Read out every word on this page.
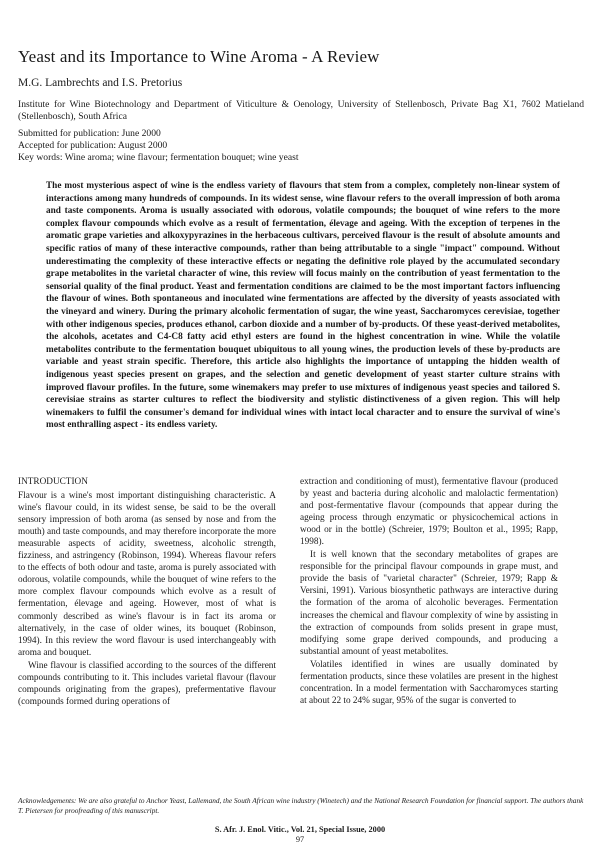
Yeast and its Importance to Wine Aroma - A Review
M.G. Lambrechts and I.S. Pretorius
Institute for Wine Biotechnology and Department of Viticulture & Oenology, University of Stellenbosch, Private Bag X1, 7602 Matieland (Stellenbosch), South Africa
Submitted for publication: June 2000
Accepted for publication: August 2000
Key words: Wine aroma; wine flavour; fermentation bouquet; wine yeast
The most mysterious aspect of wine is the endless variety of flavours that stem from a complex, completely non-linear system of interactions among many hundreds of compounds. In its widest sense, wine flavour refers to the overall impression of both aroma and taste components. Aroma is usually associated with odorous, volatile compounds; the bouquet of wine refers to the more complex flavour compounds which evolve as a result of fermentation, élevage and ageing. With the exception of terpenes in the aromatic grape varieties and alkoxypyrazines in the herbaceous cultivars, perceived flavour is the result of absolute amounts and specific ratios of many of these interactive compounds, rather than being attributable to a single "impact" compound. Without underestimating the complexity of these interactive effects or negating the definitive role played by the accumulated secondary grape metabolites in the varietal character of wine, this review will focus mainly on the contribution of yeast fermentation to the sensorial quality of the final product. Yeast and fermentation conditions are claimed to be the most important factors influencing the flavour of wines. Both spontaneous and inoculated wine fermentations are affected by the diversity of yeasts associated with the vineyard and winery. During the primary alcoholic fermentation of sugar, the wine yeast, Saccharomyces cerevisiae, together with other indigenous species, produces ethanol, carbon dioxide and a number of by-products. Of these yeast-derived metabolites, the alcohols, acetates and C4-C8 fatty acid ethyl esters are found in the highest concentration in wine. While the volatile metabolites contribute to the fermentation bouquet ubiquitous to all young wines, the production levels of these by-products are variable and yeast strain specific. Therefore, this article also highlights the importance of untapping the hidden wealth of indigenous yeast species present on grapes, and the selection and genetic development of yeast starter culture strains with improved flavour profiles. In the future, some winemakers may prefer to use mixtures of indigenous yeast species and tailored S. cerevisiae strains as starter cultures to reflect the biodiversity and stylistic distinctiveness of a given region. This will help winemakers to fulfil the consumer's demand for individual wines with intact local character and to ensure the survival of wine's most enthralling aspect - its endless variety.
INTRODUCTION

Flavour is a wine's most important distinguishing characteristic. A wine's flavour could, in its widest sense, be said to be the overall sensory impression of both aroma (as sensed by nose and from the mouth) and taste compounds, and may therefore incorporate the more measurable aspects of acidity, sweetness, alcoholic strength, fizziness, and astringency (Robinson, 1994). Whereas flavour refers to the effects of both odour and taste, aroma is purely associated with odorous, volatile compounds, while the bouquet of wine refers to the more complex flavour compounds which evolve as a result of fermentation, élevage and ageing. However, most of what is commonly described as wine's flavour is in fact its aroma or alternatively, in the case of older wines, its bouquet (Robinson, 1994). In this review the word flavour is used interchangeably with aroma and bouquet.

Wine flavour is classified according to the sources of the different compounds contributing to it. This includes varietal flavour (flavour compounds originating from the grapes), prefermentative flavour (compounds formed during operations of

extraction and conditioning of must), fermentative flavour (produced by yeast and bacteria during alcoholic and malolactic fermentation) and post-fermentative flavour (compounds that appear during the ageing process through enzymatic or physicochemical actions in wood or in the bottle) (Schreier, 1979; Boulton et al., 1995; Rapp, 1998).

It is well known that the secondary metabolites of grapes are responsible for the principal flavour compounds in grape must, and provide the basis of "varietal character" (Schreier, 1979; Rapp & Versini, 1991). Various biosynthetic pathways are interactive during the formation of the aroma of alcoholic beverages. Fermentation increases the chemical and flavour complexity of wine by assisting in the extraction of compounds from solids present in grape must, modifying some grape derived compounds, and producing a substantial amount of yeast metabolites.

Volatiles identified in wines are usually dominated by fermentation products, since these volatiles are present in the highest concentration. In a model fermentation with Saccharomyces starting at about 22 to 24% sugar, 95% of the sugar is converted to

Acknowledgements: We are also grateful to Anchor Yeast, Lallemand, the South African wine industry (Winetech) and the National Research Foundation for financial support. The authors thank T. Pietersen for proofreading of this manuscript.
S. Afr. J. Enol. Vitic., Vol. 21, Special Issue, 2000
97
